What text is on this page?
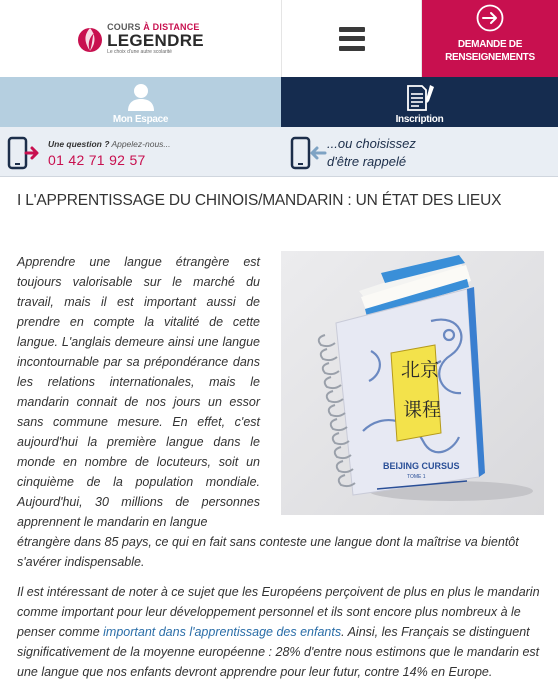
COURS À DISTANCE
LEGENDRE
Le choix d'une autre scolarité
DEMANDE DE
RENSEIGNEMENTS
Mon Espace	Inscription
Une question ? Appelez-nous...
01 42 71 92 57
...ou choisissez
d'être rappelé
I L'APPRENTISSAGE DU CHINOIS/MANDARIN : UN ÉTAT DES LIEUX
北京
课程
BEIJING CURSUS
TOME 1
Apprendre une langue étrangère est toujours valorisable sur le marché du travail, mais il est important aussi de prendre en compte la vitalité de cette langue. L'anglais demeure ainsi une langue incontournable par sa prépondérance dans les relations internationales, mais le mandarin connait de nos jours un essor sans commune mesure. En effet, c'est aujourd'hui la première langue dans le monde en nombre de locuteurs, soit un cinquième de la population mondiale. Aujourd'hui, 30 millions de personnes apprennent le mandarin en langue
étrangère dans 85 pays, ce qui en fait sans conteste une langue dont la maîtrise va bientôt s'avérer indispensable.
Il est intéressant de noter à ce sujet que les Européens perçoivent de plus en plus le mandarin comme important pour leur développement personnel et ils sont encore plus nombreux à le penser comme important dans l'apprentissage des enfants. Ainsi, les Français se distinguent significativement de la moyenne européenne : 28% d'entre nous estimons que le mandarin est une langue que nos enfants devront apprendre pour leur futur, contre 14% en Europe.
